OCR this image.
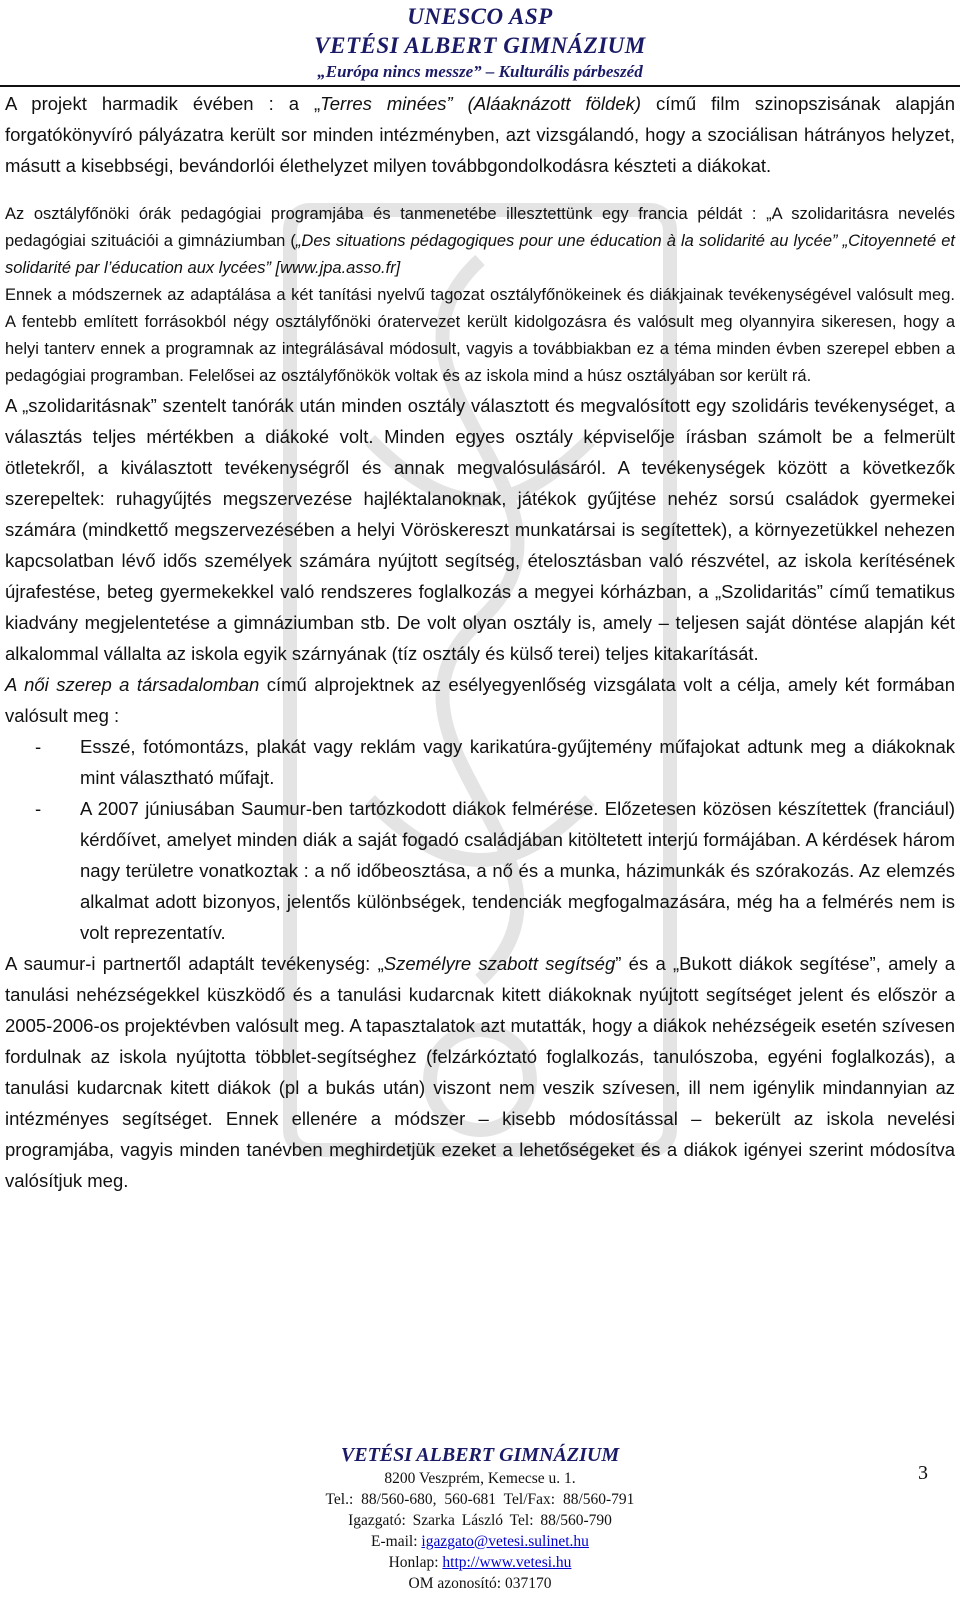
UNESCO ASP
VETÉSI ALBERT GIMNÁZIUM
„Európa nincs messze” – Kulturális párbeszéd

A projekt harmadik évében : a „Terres minées” (Aláaknázott földek) című film szinopszisának alapján forgatókönyvíró pályázatra került sor minden intézményben, azt vizsgálandó, hogy a szociálisan hátrányos helyzet, másutt a kisebbségi, bevándorlói élethelyzet milyen továbbgondolkodásra készteti a diákokat.

Az osztályfőnöki órák pedagógiai programjába és tanmenetébe illesztettünk egy francia példát : „A szolidaritásra nevelés pedagógiai szituációi a gimnáziumban („Des situations pédagogiques pour une éducation à la solidarité au lycée” „Citoyenneté et solidarité par l’éducation aux lycées” [www.jpa.asso.fr]

Ennek a módszernek az adaptálása a két tanítási nyelvű tagozat osztályfőnökeinek és diákjainak tevékenységével valósult meg. A fentebb említett forrásokból négy osztályfőnöki óratervezet került kidolgozásra és valósult meg olyannyira sikeresen, hogy a helyi tanterv ennek a programnak az integrálásával módosult, vagyis a továbbiakban ez a téma minden évben szerepel ebben a pedagógiai programban. Felelősei az osztályfőnökök voltak és az iskola mind a húsz osztályában sor került rá.

A „szolidaritásnak” szentelt tanórák után minden osztály választott és megvalósított egy szolidáris tevékenységet, a választás teljes mértékben a diákoké volt. Minden egyes osztály képviselője írásban számolt be a felmerült ötletekről, a kiválasztott tevékenységről és annak megvalósulásáról. A tevékenységek között a következők szerepeltek: ruhagyűjtés megszervezése hajléktalanoknak, játékok gyűjtése nehéz sorsú családok gyermekei számára (mindkettő megszervezésében a helyi Vöröskereszt munkatársai is segítettek), a környezetükkel nehezen kapcsolatban lévő idős személyek számára nyújtott segítség, ételosztásban való részvétel, az iskola kerítésének újrafestése, beteg gyermekekkel való rendszeres foglalkozás a megyei kórházban, a „Szolidaritás” című tematikus kiadvány megjelentetése a gimnáziumban stb. De volt olyan osztály is, amely – teljesen saját döntése alapján két alkalommal vállalta az iskola egyik szárnyának (tíz osztály és külső terei) teljes kitakarítását.

A női szerep a társadalomban című alprojektnek az esélyegyenlőség vizsgálata volt a célja, amely két formában valósult meg :

- Esszé, fotómontázs, plakát vagy reklám vagy karikatúra-gyűjtemény műfajokat adtunk meg a diákoknak mint választható műfajt.
- A 2007 júniusában Saumur-ben tartózkodott diákok felmérése. Előzetesen közösen készítettek (franciául) kérdőívet, amelyet minden diák a saját fogadó családjában kitöltetett interjú formájában. A kérdések három nagy területre vonatkoztak : a nő időbeosztása, a nő és a munka, házimunkák és szórakozás. Az elemzés alkalmat adott bizonyos, jelentős különbségek, tendenciák megfogalmazására, még ha a felmérés nem is volt reprezentatív.

A saumur-i partnertől adaptált tevékenység: „Személyre szabott segítség” és a „Bukott diákok segítése”, amely a tanulási nehézségekkel küszködő és a tanulási kudarcnak kitett diákoknak nyújtott segítséget jelent és először a 2005-2006-os projektévben valósult meg. A tapasztalatok azt mutatták, hogy a diákok nehézségeik esetén szívesen fordulnak az iskola nyújtotta többlet-segítséghez (felzárkóztató foglalkozás, tanulószoba, egyéni foglalkozás), a tanulási kudarcnak kitett diákok (pl a bukás után) viszont nem veszik szívesen, ill nem igénylik mindannyian az intézményes segítséget. Ennek ellenére a módszer – kisebb módosítással – bekerült az iskola nevelési programjába, vagyis minden tanévben meghirdetjük ezeket a lehetőségeket és a diákok igényei szerint módosítva valósítjuk meg.

3
VETÉSI ALBERT GIMNÁZIUM
8200 Veszprém, Kemecse u. 1.
Tel.: 88/560-680, 560-681 Tel/Fax: 88/560-791
Igazgató: Szarka László Tel: 88/560-790
E-mail: igazgato@vetesi.sulinet.hu
Honlap: http://www.vetesi.hu
OM azonosító: 037170
